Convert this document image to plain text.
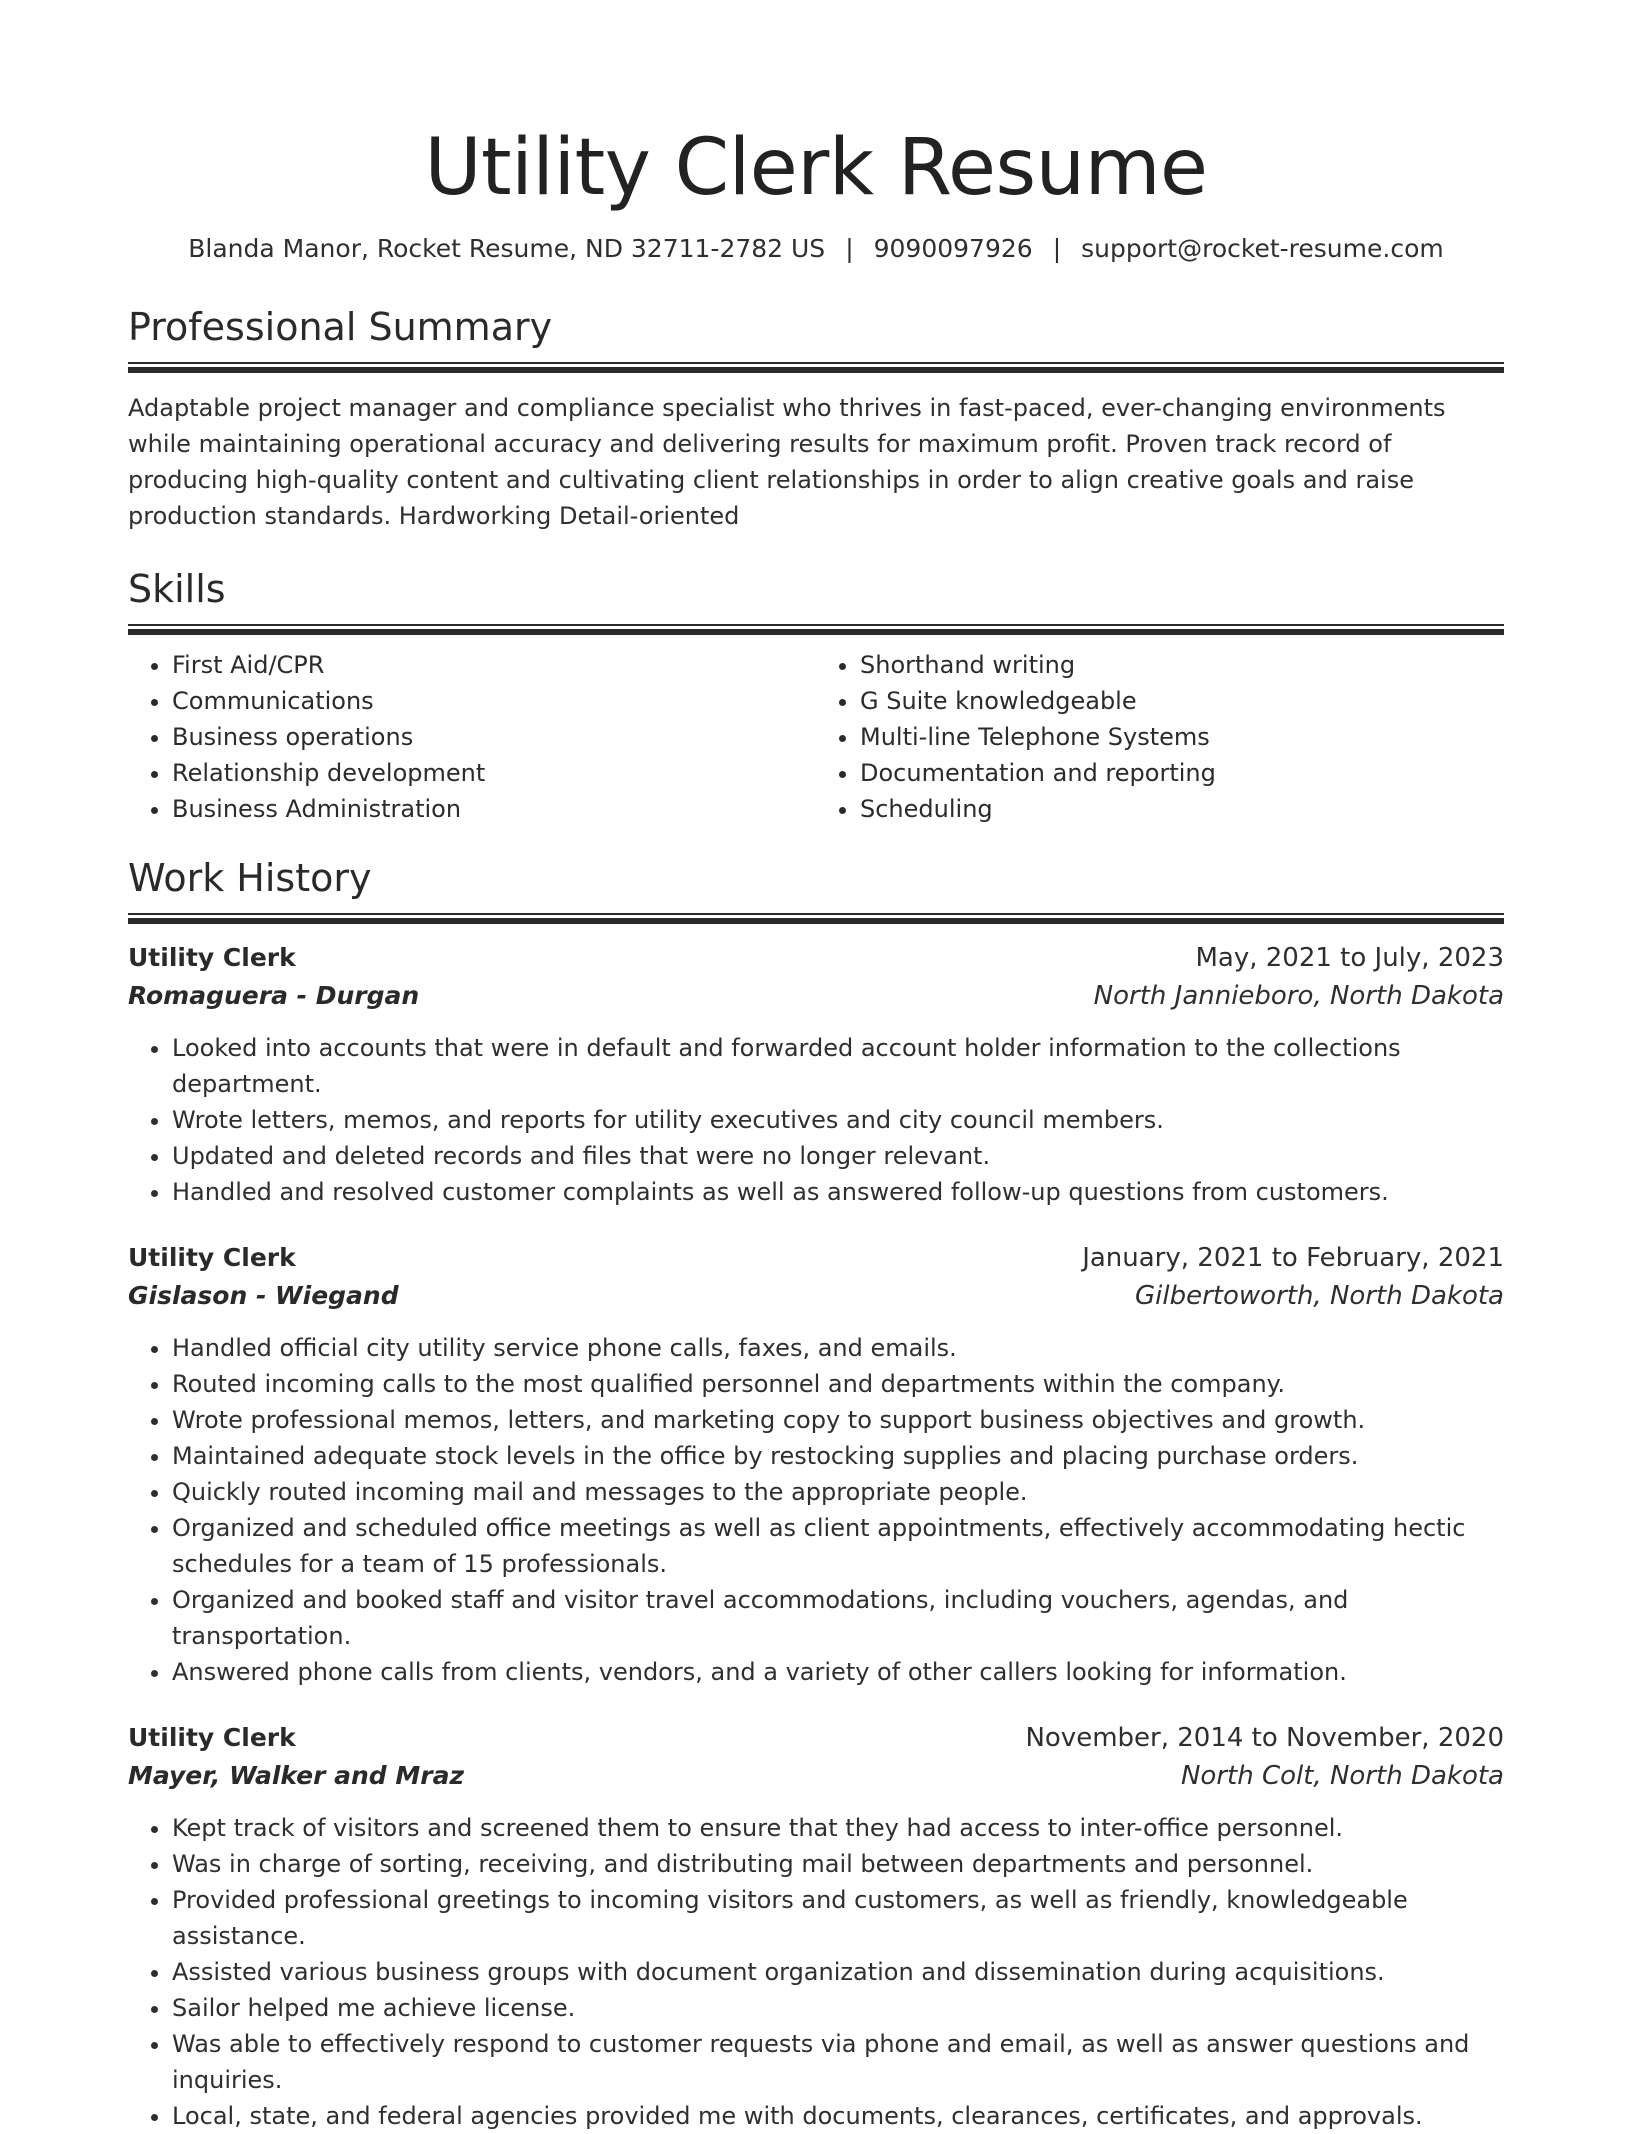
Utility Clerk Resume
Blanda Manor, Rocket Resume, ND 32711-2782 US | 9090097926 | support@rocket-resume.com
Professional Summary
Adaptable project manager and compliance specialist who thrives in fast-paced, ever-changing environments while maintaining operational accuracy and delivering results for maximum profit. Proven track record of producing high-quality content and cultivating client relationships in order to align creative goals and raise production standards. Hardworking Detail-oriented
Skills
• First Aid/CPR
• Communications
• Business operations
• Relationship development
• Business Administration
• Shorthand writing
• G Suite knowledgeable
• Multi-line Telephone Systems
• Documentation and reporting
• Scheduling
Work History
Utility Clerk	May, 2021 to July, 2023
Romaguera - Durgan	North Jannieboro, North Dakota
• Looked into accounts that were in default and forwarded account holder information to the collections department.
• Wrote letters, memos, and reports for utility executives and city council members.
• Updated and deleted records and files that were no longer relevant.
• Handled and resolved customer complaints as well as answered follow-up questions from customers.
Utility Clerk	January, 2021 to February, 2021
Gislason - Wiegand	Gilbertoworth, North Dakota
• Handled official city utility service phone calls, faxes, and emails.
• Routed incoming calls to the most qualified personnel and departments within the company.
• Wrote professional memos, letters, and marketing copy to support business objectives and growth.
• Maintained adequate stock levels in the office by restocking supplies and placing purchase orders.
• Quickly routed incoming mail and messages to the appropriate people.
• Organized and scheduled office meetings as well as client appointments, effectively accommodating hectic schedules for a team of 15 professionals.
• Organized and booked staff and visitor travel accommodations, including vouchers, agendas, and transportation.
• Answered phone calls from clients, vendors, and a variety of other callers looking for information.
Utility Clerk	November, 2014 to November, 2020
Mayer, Walker and Mraz	North Colt, North Dakota
• Kept track of visitors and screened them to ensure that they had access to inter-office personnel.
• Was in charge of sorting, receiving, and distributing mail between departments and personnel.
• Provided professional greetings to incoming visitors and customers, as well as friendly, knowledgeable assistance.
• Assisted various business groups with document organization and dissemination during acquisitions.
• Sailor helped me achieve license.
• Was able to effectively respond to customer requests via phone and email, as well as answer questions and inquiries.
• Local, state, and federal agencies provided me with documents, clearances, certificates, and approvals.
